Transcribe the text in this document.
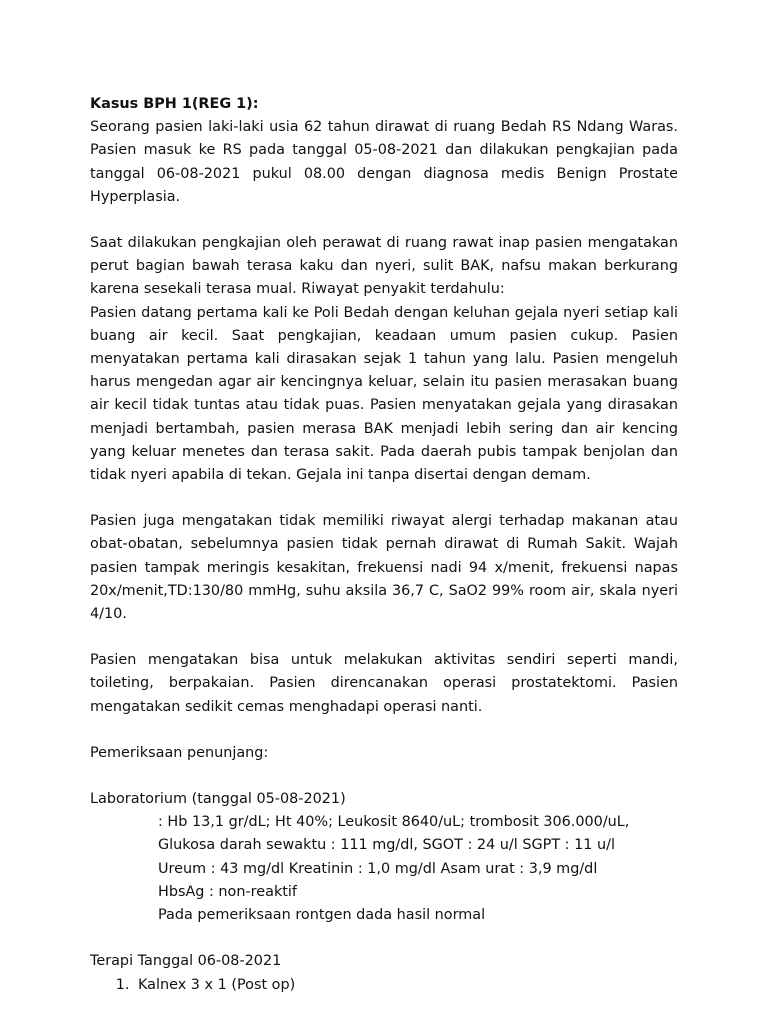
Kasus BPH 1(REG 1):

Seorang pasien laki-laki usia 62 tahun dirawat di ruang Bedah RS Ndang Waras. Pasien masuk ke RS pada tanggal 05-08-2021 dan dilakukan pengkajian pada tanggal 06-08-2021 pukul 08.00 dengan diagnosa medis Benign Prostate Hyperplasia.

Saat dilakukan pengkajian oleh perawat di ruang rawat inap pasien mengatakan perut bagian bawah terasa kaku dan nyeri, sulit BAK, nafsu makan berkurang karena sesekali terasa mual. Riwayat penyakit terdahulu:

Pasien datang pertama kali ke Poli Bedah dengan keluhan gejala nyeri setiap kali buang air kecil. Saat pengkajian, keadaan umum pasien cukup. Pasien menyatakan pertama kali dirasakan sejak 1 tahun yang lalu. Pasien mengeluh harus mengedan agar air kencingnya keluar, selain itu pasien merasakan buang air kecil tidak tuntas atau tidak puas. Pasien menyatakan gejala yang dirasakan menjadi bertambah, pasien merasa BAK menjadi lebih sering dan air kencing yang keluar menetes dan terasa sakit. Pada daerah pubis tampak benjolan dan tidak nyeri apabila di tekan. Gejala ini tanpa disertai dengan demam.

Pasien juga mengatakan tidak memiliki riwayat alergi terhadap makanan atau obat-obatan, sebelumnya pasien tidak pernah dirawat di Rumah Sakit. Wajah pasien tampak meringis kesakitan, frekuensi nadi 94 x/menit, frekuensi napas 20x/menit,TD:130/80 mmHg, suhu aksila 36,7 C, SaO2 99% room air, skala nyeri 4/10.

Pasien mengatakan bisa untuk melakukan aktivitas sendiri seperti mandi, toileting, berpakaian. Pasien direncanakan operasi prostatektomi. Pasien mengatakan sedikit cemas menghadapi operasi nanti.

Pemeriksaan penunjang:

Laboratorium (tanggal 05-08-2021)

: Hb 13,1 gr/dL; Ht 40%; Leukosit 8640/uL; trombosit 306.000/uL,

Glukosa darah sewaktu : 111 mg/dl, SGOT : 24 u/l SGPT : 11 u/l

Ureum : 43 mg/dl Kreatinin : 1,0 mg/dl Asam urat : 3,9 mg/dl

HbsAg : non-reaktif

Pada pemeriksaan rontgen dada hasil normal

Terapi Tanggal 06-08-2021

1. Kalnex 3 x 1 (Post op)
